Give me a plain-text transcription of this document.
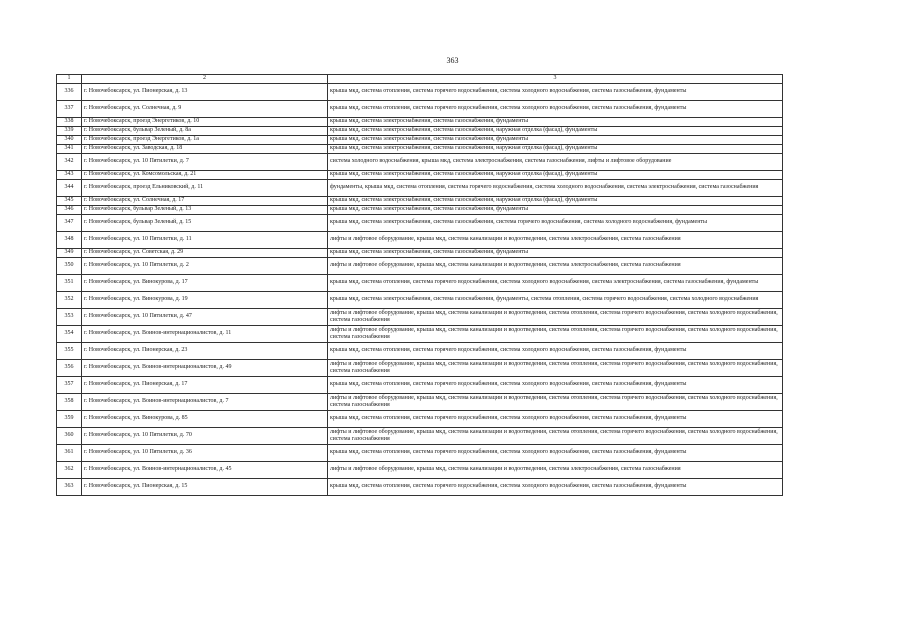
363
1	2	3
336	г. Новочебоксарск, ул. Пионерская, д. 13	крыша мкд, система отопления, система горячего водоснабжения, система холодного водоснабжения, система газоснабжения, фундаменты
337	г. Новочебоксарск, ул. Солнечная, д. 9	крыша мкд, система отопления, система горячего водоснабжения, система холодного водоснабжения, система газоснабжения, фундаменты
338	г. Новочебоксарск, проезд Энергетиков, д. 10	крыша мкд, система электроснабжения, система газоснабжения, фундаменты
339	г. Новочебоксарск, бульвар Зеленый, д. 8а	крыша мкд, система электроснабжения, система газоснабжения, наружная отделка (фасад), фундаменты
340	г. Новочебоксарск, проезд Энергетиков, д. 1а	крыша мкд, система электроснабжения, система газоснабжения, фундаменты
341	г. Новочебоксарск, ул. Заводская, д. 18	крыша мкд, система электроснабжения, система газоснабжения, наружная отделка (фасад), фундаменты
342	г. Новочебоксарск, ул. 10 Пятилетки, д. 7	система холодного водоснабжения, крыша мкд, система электроснабжения, система газоснабжения, лифты и лифтовое оборудование
343	г. Новочебоксарск, ул. Комсомольская, д. 21	крыша мкд, система электроснабжения, система газоснабжения, наружная отделка (фасад), фундаменты
344	г. Новочебоксарск, проезд Ельниковский, д. 11	фундаменты, крыша мкд, система отопления, система горячего водоснабжения, система холодного водоснабжения, система электроснабжения, система газоснабжения
345	г. Новочебоксарск, ул. Солнечная, д. 17	крыша мкд, система электроснабжения, система газоснабжения, наружная отделка (фасад), фундаменты
346	г. Новочебоксарск, бульвар Зеленый, д. 13	крыша мкд, система электроснабжения, система газоснабжения, фундаменты
347	г. Новочебоксарск, бульвар Зеленый, д. 15	крыша мкд, система электроснабжения, система газоснабжения, система горячего водоснабжения, система холодного водоснабжения, фундаменты
348	г. Новочебоксарск, ул. 10 Пятилетки, д. 11	лифты и лифтовое оборудование, крыша мкд, система канализации и водоотведения, система электроснабжения, система газоснабжения
349	г. Новочебоксарск, ул. Советская, д. 29	крыша мкд, система электроснабжения, система газоснабжения, фундаменты
350	г. Новочебоксарск, ул. 10 Пятилетки, д. 2	лифты и лифтовое оборудование, крыша мкд, система канализации и водоотведения, система электроснабжения, система газоснабжения
351	г. Новочебоксарск, ул. Винокурова, д. 17	крыша мкд, система отопления, система горячего водоснабжения, система холодного водоснабжения, система электроснабжения, система газоснабжения, фундаменты
352	г. Новочебоксарск, ул. Винокурова, д. 19	крыша мкд, система электроснабжения, система газоснабжения, фундаменты, система отопления, система горячего водоснабжения, система холодного водоснабжения
353	г. Новочебоксарск, ул. 10 Пятилетки, д. 47	лифты и лифтовое оборудование, крыша мкд, система канализации и водоотведения, система отопления, система горячего водоснабжения, система холодного водоснабжения, система газоснабжения
354	г. Новочебоксарск, ул. Воинов-интернационалистов, д. 11	лифты и лифтовое оборудование, крыша мкд, система канализации и водоотведения, система отопления, система горячего водоснабжения, система холодного водоснабжения, система газоснабжения
355	г. Новочебоксарск, ул. Пионерская, д. 23	крыша мкд, система отопления, система горячего водоснабжения, система холодного водоснабжения, система газоснабжения, фундаменты
356	г. Новочебоксарск, ул. Воинов-интернационалистов, д. 49	лифты и лифтовое оборудование, крыша мкд, система канализации и водоотведения, система отопления, система горячего водоснабжения, система холодного водоснабжения, система газоснабжения
357	г. Новочебоксарск, ул. Пионерская, д. 17	крыша мкд, система отопления, система горячего водоснабжения, система холодного водоснабжения, система газоснабжения, фундаменты
358	г. Новочебоксарск, ул. Воинов-интернационалистов, д. 7	лифты и лифтовое оборудование, крыша мкд, система канализации и водоотведения, система отопления, система горячего водоснабжения, система холодного водоснабжения, система газоснабжения
359	г. Новочебоксарск, ул. Винокурова, д. 85	крыша мкд, система отопления, система горячего водоснабжения, система холодного водоснабжения, система газоснабжения, фундаменты
360	г. Новочебоксарск, ул. 10 Пятилетки, д. 70	лифты и лифтовое оборудование, крыша мкд, система канализации и водоотведения, система отопления, система горячего водоснабжения, система холодного водоснабжения, система газоснабжения
361	г. Новочебоксарск, ул. 10 Пятилетки, д. 36	крыша мкд, система отопления, система горячего водоснабжения, система холодного водоснабжения, система газоснабжения, фундаменты
362	г. Новочебоксарск, ул. Воинов-интернационалистов, д. 45	лифты и лифтовое оборудование, крыша мкд, система канализации и водоотведения, система электроснабжения, система газоснабжения
363	г. Новочебоксарск, ул. Пионерская, д. 15	крыша мкд, система отопления, система горячего водоснабжения, система холодного водоснабжения, система газоснабжения, фундаменты
